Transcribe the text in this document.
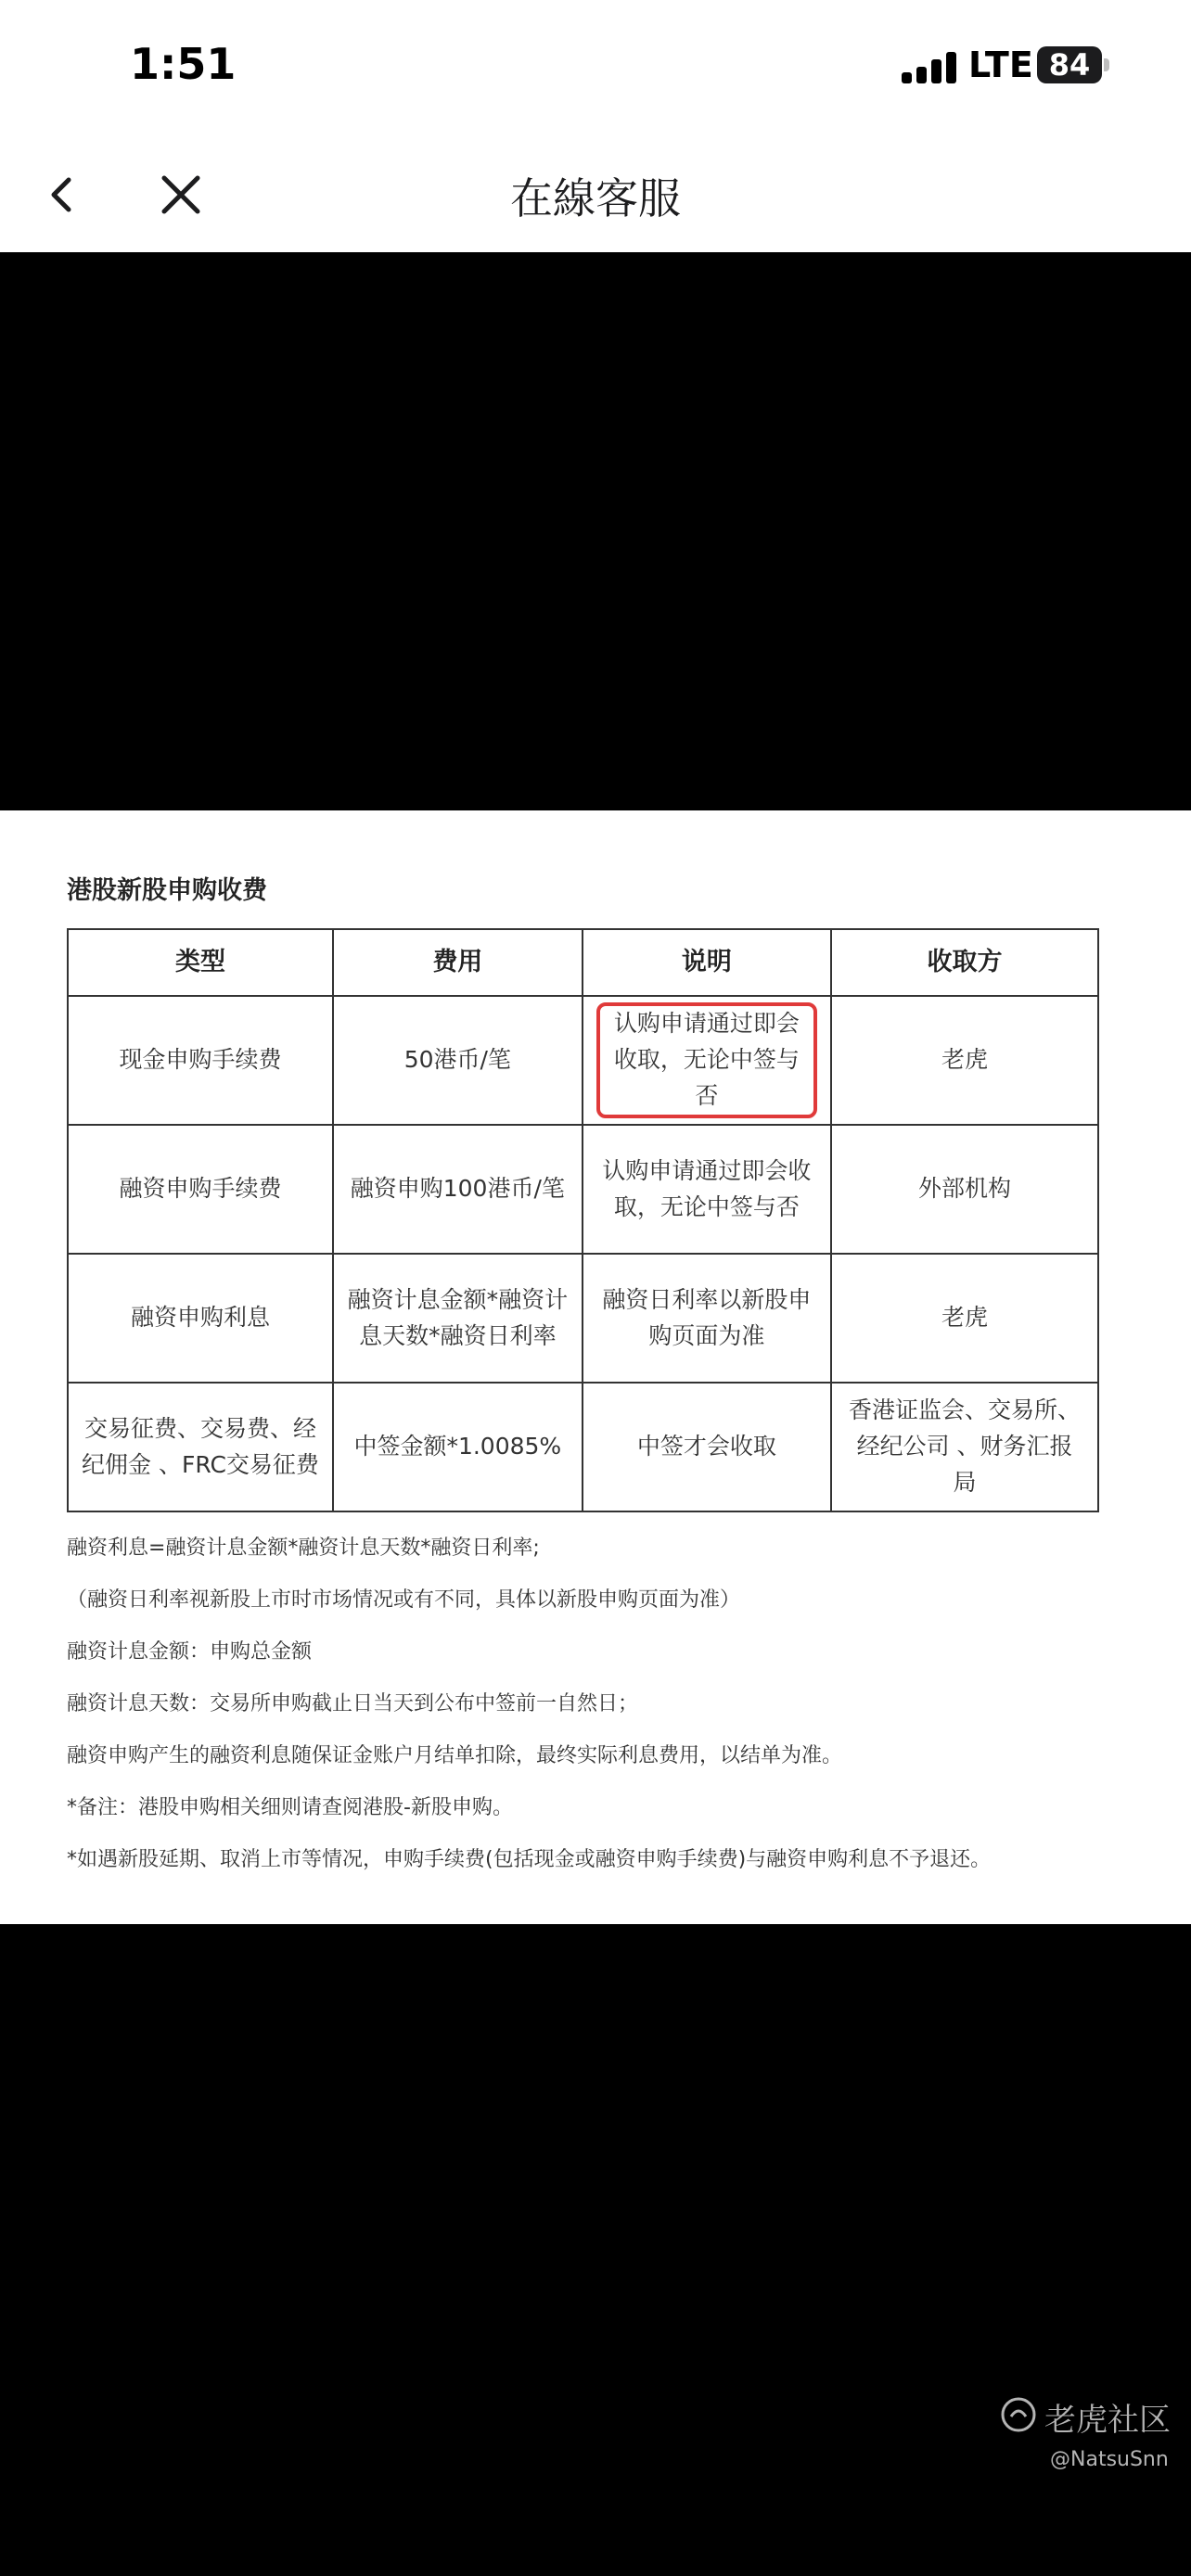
1:51	LTE 84
在線客服
港股新股申购收费
类型	费用	说明	收取方
现金申购手续费	50港币/笔	认购申请通过即会收取，无论中签与否	老虎
融资申购手续费	融资申购100港币/笔	认购申请通过即会收取，无论中签与否	外部机构
融资申购利息	融资计息金额*融资计息天数*融资日利率	融资日利率以新股申购页面为准	老虎
交易征费、交易费、经纪佣金 、FRC交易征费	中签金额*1.0085%	中签才会收取	香港证监会、交易所、 经纪公司 、财务汇报局
融资利息=融资计息金额*融资计息天数*融资日利率;
（融资日利率视新股上市时市场情况或有不同，具体以新股申购页面为准）
融资计息金额：申购总金额
融资计息天数：交易所申购截止日当天到公布中签前一自然日；
融资申购产生的融资利息随保证金账户月结单扣除，最终实际利息费用，以结单为准。
*备注：港股申购相关细则请查阅港股-新股申购。
*如遇新股延期、取消上市等情况，申购手续费(包括现金或融资申购手续费)与融资申购利息不予退还。
老虎社区
@NatsuSnn
